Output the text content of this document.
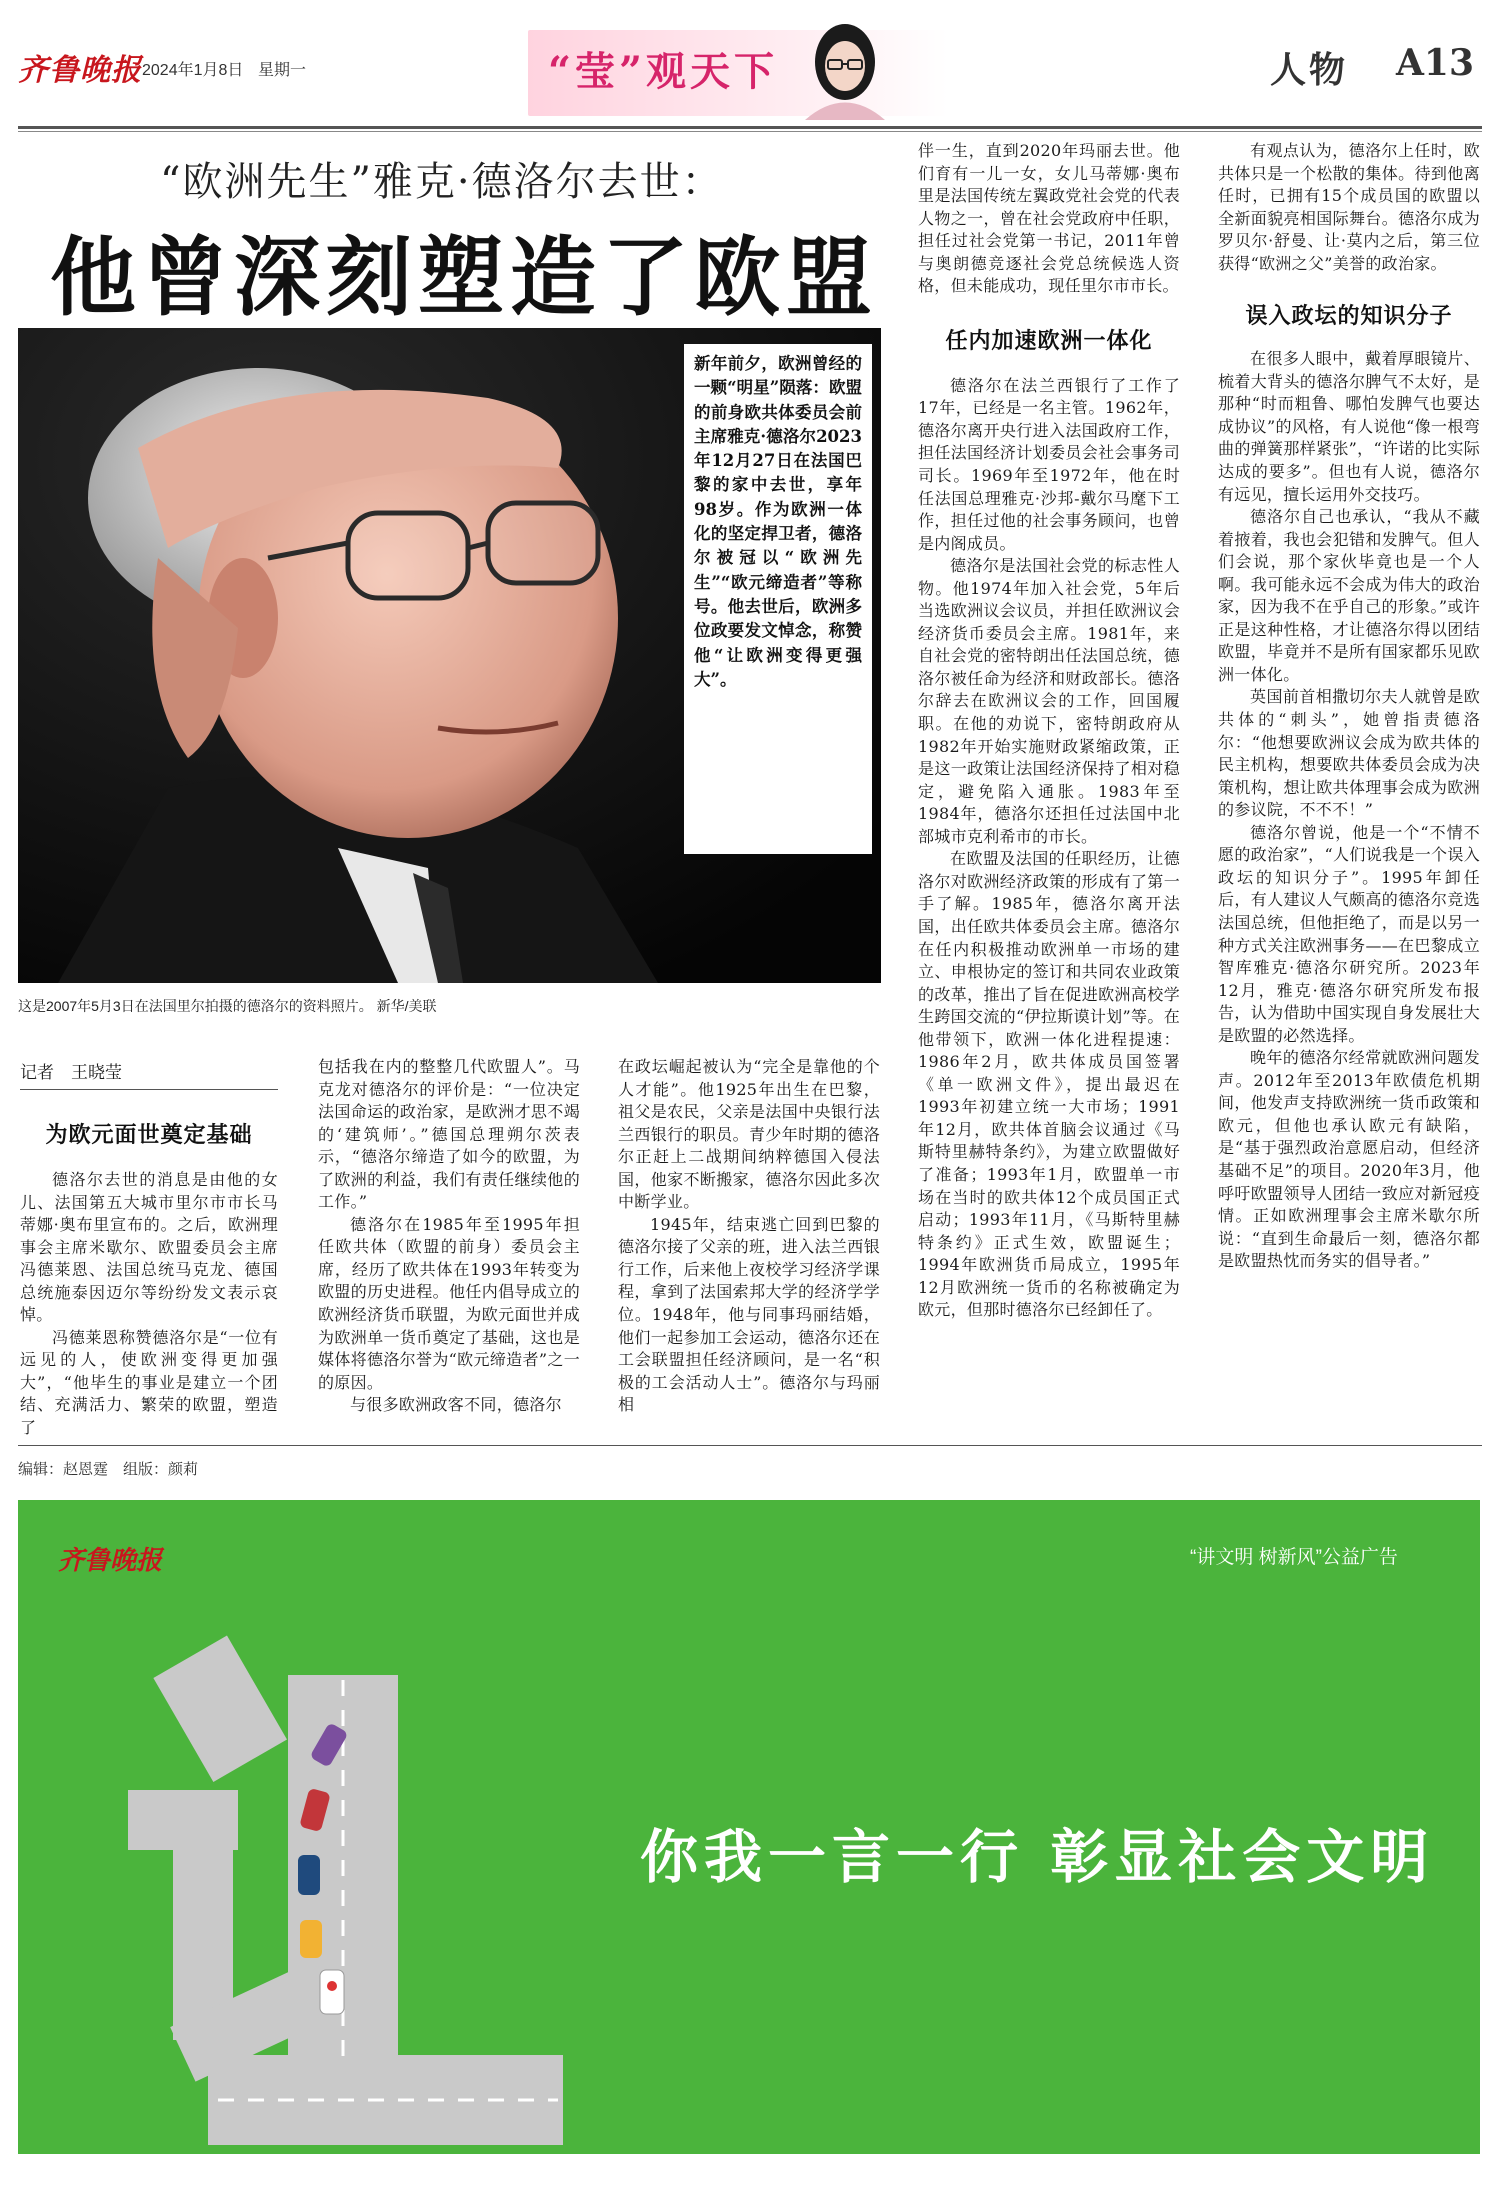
齐鲁晚报 2024年1月8日 星期一	“莹”观天下	人物 A13
“欧洲先生”雅克·德洛尔去世：
他曾深刻塑造了欧盟
新年前夕，欧洲曾经的一颗“明星”陨落：欧盟的前身欧共体委员会前主席雅克·德洛尔2023年12月27日在法国巴黎的家中去世，享年98岁。作为欧洲一体化的坚定捍卫者，德洛尔被冠以“欧洲先生”“欧元缔造者”等称号。他去世后，欧洲多位政要发文悼念，称赞他“让欧洲变得更强大”。
这是2007年5月3日在法国里尔拍摄的德洛尔的资料照片。 新华/美联
记者　王晓莹
为欧元面世奠定基础

德洛尔去世的消息是由他的女儿、法国第五大城市里尔市市长马蒂娜·奥布里宣布的。之后，欧洲理事会主席米歇尔、欧盟委员会主席冯德莱恩、法国总统马克龙、德国总统施泰因迈尔等纷纷发文表示哀悼。

冯德莱恩称赞德洛尔是“一位有远见的人，使欧洲变得更加强大”，“他毕生的事业是建立一个团结、充满活力、繁荣的欧盟，塑造了

包括我在内的整整几代欧盟人”。马克龙对德洛尔的评价是：“一位决定法国命运的政治家，是欧洲才思不竭的‘建筑师’。”德国总理朔尔茨表示，“德洛尔缔造了如今的欧盟，为了欧洲的利益，我们有责任继续他的工作。”

德洛尔在1985年至1995年担任欧共体（欧盟的前身）委员会主席，经历了欧共体在1993年转变为欧盟的历史进程。他任内倡导成立的欧洲经济货币联盟，为欧元面世并成为欧洲单一货币奠定了基础，这也是媒体将德洛尔誉为“欧元缔造者”之一的原因。

与很多欧洲政客不同，德洛尔

在政坛崛起被认为“完全是靠他的个人才能”。他1925年出生在巴黎，祖父是农民，父亲是法国中央银行法兰西银行的职员。青少年时期的德洛尔正赶上二战期间纳粹德国入侵法国，他家不断搬家，德洛尔因此多次中断学业。

1945年，结束逃亡回到巴黎的德洛尔接了父亲的班，进入法兰西银行工作，后来他上夜校学习经济学课程，拿到了法国索邦大学的经济学学位。1948年，他与同事玛丽结婚，他们一起参加工会运动，德洛尔还在工会联盟担任经济顾问，是一名“积极的工会活动人士”。德洛尔与玛丽相

伴一生，直到2020年玛丽去世。他们育有一儿一女，女儿马蒂娜·奥布里是法国传统左翼政党社会党的代表人物之一，曾在社会党政府中任职，担任过社会党第一书记，2011年曾与奥朗德竞逐社会党总统候选人资格，但未能成功，现任里尔市市长。

任内加速欧洲一体化

德洛尔在法兰西银行了工作了17年，已经是一名主管。1962年，德洛尔离开央行进入法国政府工作，担任法国经济计划委员会社会事务司司长。1969年至1972年，他在时任法国总理雅克·沙邦-戴尔马麾下工作，担任过他的社会事务顾问，也曾是内阁成员。

德洛尔是法国社会党的标志性人物。他1974年加入社会党，5年后当选欧洲议会议员，并担任欧洲议会经济货币委员会主席。1981年，来自社会党的密特朗出任法国总统，德洛尔被任命为经济和财政部长。德洛尔辞去在欧洲议会的工作，回国履职。在他的劝说下，密特朗政府从1982年开始实施财政紧缩政策，正是这一政策让法国经济保持了相对稳定，避免陷入通胀。1983年至1984年，德洛尔还担任过法国中北部城市克利希市的市长。

在欧盟及法国的任职经历，让德洛尔对欧洲经济政策的形成有了第一手了解。1985年，德洛尔离开法国，出任欧共体委员会主席。德洛尔在任内积极推动欧洲单一市场的建立、申根协定的签订和共同农业政策的改革，推出了旨在促进欧洲高校学生跨国交流的“伊拉斯谟计划”等。在他带领下，欧洲一体化进程提速：1986年2月，欧共体成员国签署《单一欧洲文件》，提出最迟在1993年初建立统一大市场；1991年12月，欧共体首脑会议通过《马斯特里赫特条约》，为建立欧盟做好了准备；1993年1月，欧盟单一市场在当时的欧共体12个成员国正式启动；1993年11月，《马斯特里赫特条约》正式生效，欧盟诞生；1994年欧洲货币局成立，1995年12月欧洲统一货币的名称被确定为欧元，但那时德洛尔已经卸任了。

有观点认为，德洛尔上任时，欧共体只是一个松散的集体。待到他离任时，已拥有15个成员国的欧盟以全新面貌亮相国际舞台。德洛尔成为罗贝尔·舒曼、让·莫内之后，第三位获得“欧洲之父”美誉的政治家。

误入政坛的知识分子

在很多人眼中，戴着厚眼镜片、梳着大背头的德洛尔脾气不太好，是那种“时而粗鲁、哪怕发脾气也要达成协议”的风格，有人说他“像一根弯曲的弹簧那样紧张”，“许诺的比实际达成的要多”。但也有人说，德洛尔有远见，擅长运用外交技巧。

德洛尔自己也承认，“我从不藏着掖着，我也会犯错和发脾气。但人们会说，那个家伙毕竟也是一个人啊。我可能永远不会成为伟大的政治家，因为我不在乎自己的形象。”或许正是这种性格，才让德洛尔得以团结欧盟，毕竟并不是所有国家都乐见欧洲一体化。

英国前首相撒切尔夫人就曾是欧共体的“刺头”，她曾指责德洛尔：“他想要欧洲议会成为欧共体的民主机构，想要欧共体委员会成为决策机构，想让欧共体理事会成为欧洲的参议院，不不不！”

德洛尔曾说，他是一个“不情不愿的政治家”，“人们说我是一个误入政坛的知识分子”。1995年卸任后，有人建议人气颇高的德洛尔竞选法国总统，但他拒绝了，而是以另一种方式关注欧洲事务——在巴黎成立智库雅克·德洛尔研究所。2023年12月，雅克·德洛尔研究所发布报告，认为借助中国实现自身发展壮大是欧盟的必然选择。

晚年的德洛尔经常就欧洲问题发声。2012年至2013年欧债危机期间，他发声支持欧洲统一货币政策和欧元，但他也承认欧元有缺陷，是“基于强烈政治意愿启动，但经济基础不足”的项目。2020年3月，他呼吁欧盟领导人团结一致应对新冠疫情。正如欧洲理事会主席米歇尔所说：“直到生命最后一刻，德洛尔都是欧盟热忱而务实的倡导者。”

编辑：赵恩霆　组版：颜莉
齐鲁晚报	“讲文明 树新风”公益广告
你我一言一行 彰显社会文明
